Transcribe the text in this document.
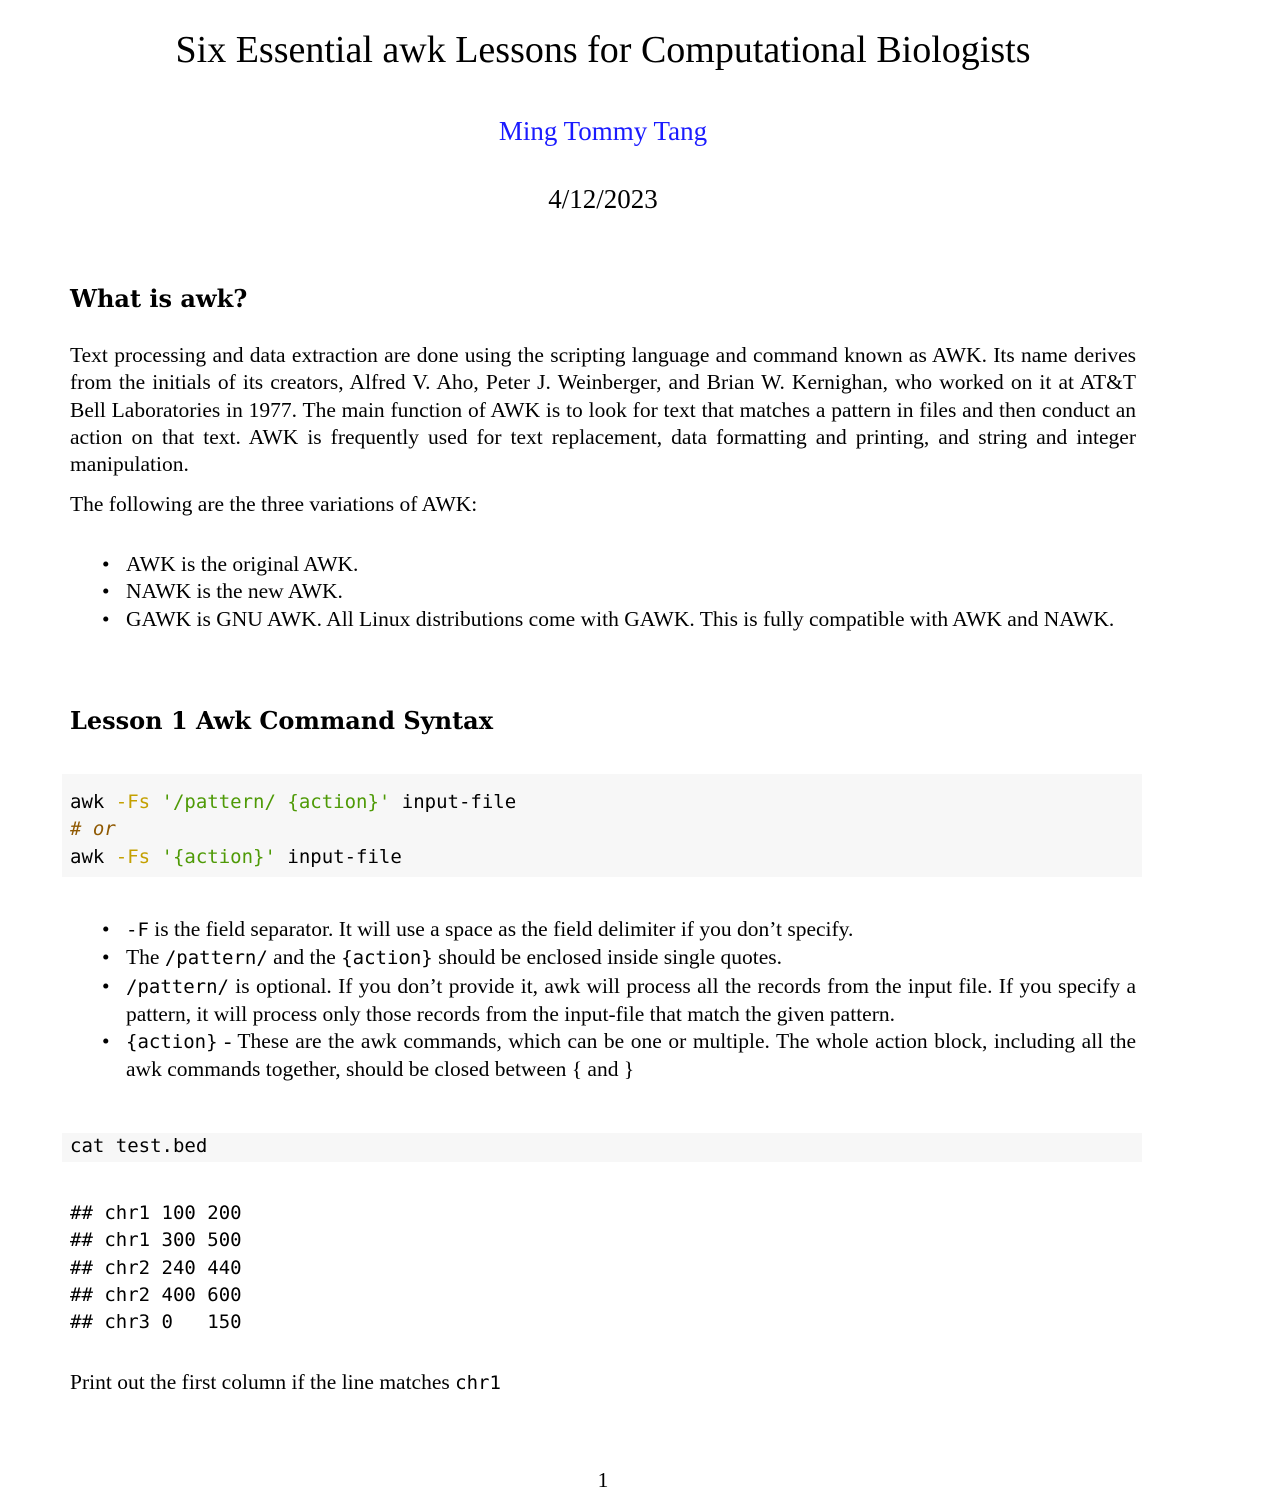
Six Essential awk Lessons for Computational Biologists
Ming Tommy Tang
4/12/2023
What is awk?

Text processing and data extraction are done using the scripting language and command known as AWK. Its name derives from the initials of its creators, Alfred V. Aho, Peter J. Weinberger, and Brian W. Kernighan, who worked on it at AT&T Bell Laboratories in 1977. The main function of AWK is to look for text that matches a pattern in files and then conduct an action on that text. AWK is frequently used for text replacement, data formatting and printing, and string and integer manipulation.

The following are the three variations of AWK:

• AWK is the original AWK.
• NAWK is the new AWK.
• GAWK is GNU AWK. All Linux distributions come with GAWK. This is fully compatible with AWK and NAWK.
Lesson 1 Awk Command Syntax
awk -Fs '/pattern/ {action}' input-file
# or
awk -Fs '{action}' input-file
• -F is the field separator. It will use a space as the field delimiter if you don’t specify.
• The /pattern/ and the {action} should be enclosed inside single quotes.
• /pattern/ is optional. If you don’t provide it, awk will process all the records from the input file. If you specify a pattern, it will process only those records from the input-file that match the given pattern.
• {action} - These are the awk commands, which can be one or multiple. The whole action block, including all the awk commands together, should be closed between { and }
cat test.bed
## chr1 100 200
## chr1 300 500
## chr2 240 440
## chr2 400 600
## chr3 0   150

Print out the first column if the line matches chr1

1
